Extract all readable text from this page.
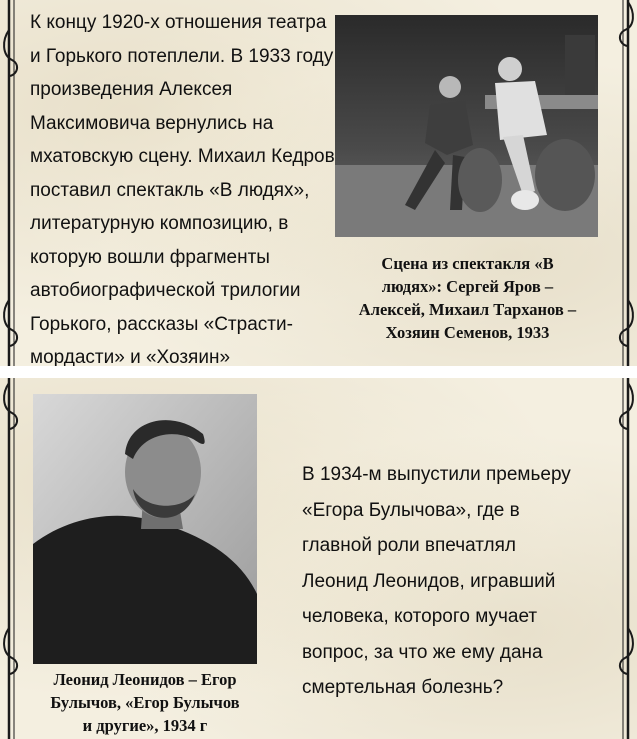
К концу 1920-х отношения театра
и Горького потеплели. В 1933 году
произведения Алексея
Максимовича вернулись на
мхатовскую сцену. Михаил Кедров
поставил спектакль «В людях»,
литературную композицию, в
которую вошли фрагменты
автобиографической трилогии
Горького, рассказы «Страсти-
мордасти» и «Хозяин»
Сцена из спектакля «В
людях»: Сергей Яров –
Алексей, Михаил Тарханов –
Хозяин Семенов, 1933
В 1934-м выпустили премьеру
«Егора Булычова», где в
главной роли впечатлял
Леонид Леонидов, игравший
человека, которого мучает
вопрос, за что же ему дана
смертельная болезнь?
Леонид Леонидов – Егор
Булычов, «Егор Булычов
и другие», 1934 г
